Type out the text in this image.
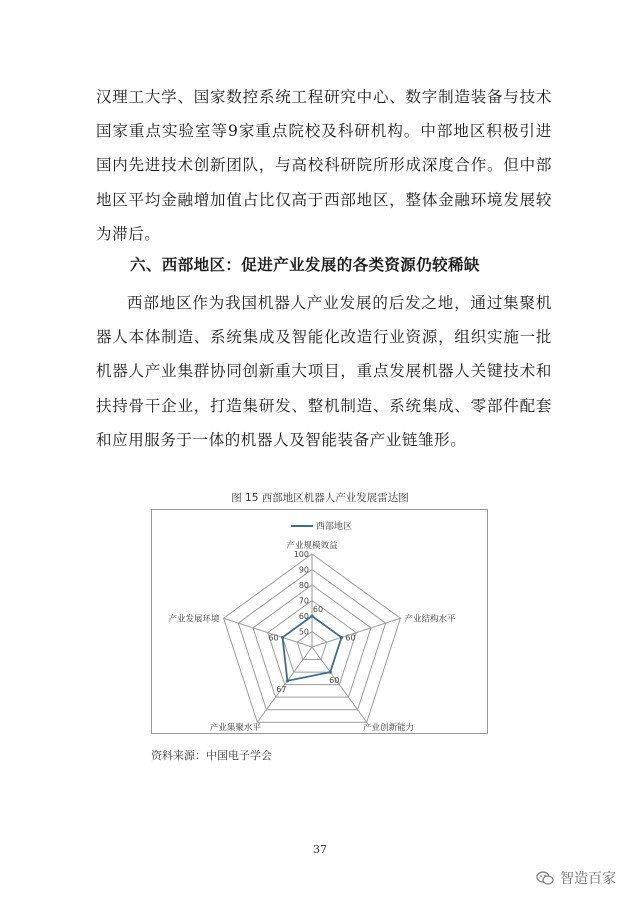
汉理工大学、国家数控系统工程研究中心、数字制造装备与技术国家重点实验室等9家重点院校及科研机构。中部地区积极引进国内先进技术创新团队，与高校科研院所形成深度合作。但中部地区平均金融增加值占比仅高于西部地区，整体金融环境发展较为滞后。

六、西部地区：促进产业发展的各类资源仍较稀缺

西部地区作为我国机器人产业发展的后发之地，通过集聚机器人本体制造、系统集成及智能化改造行业资源，组织实施一批机器人产业集群协同创新重大项目，重点发展机器人关键技术和扶持骨干企业，打造集研发、整机制造、系统集成、零部件配套和应用服务于一体的机器人及智能装备产业链雏形。

图 15 西部地区机器人产业发展雷达图
50
60
70
80
90
100
产业规模效益
产业结构水平
产业创新能力
产业集聚水平
产业发展环境
60
60
60
67
60
西部地区
资料来源：中国电子学会
37
智造百家
